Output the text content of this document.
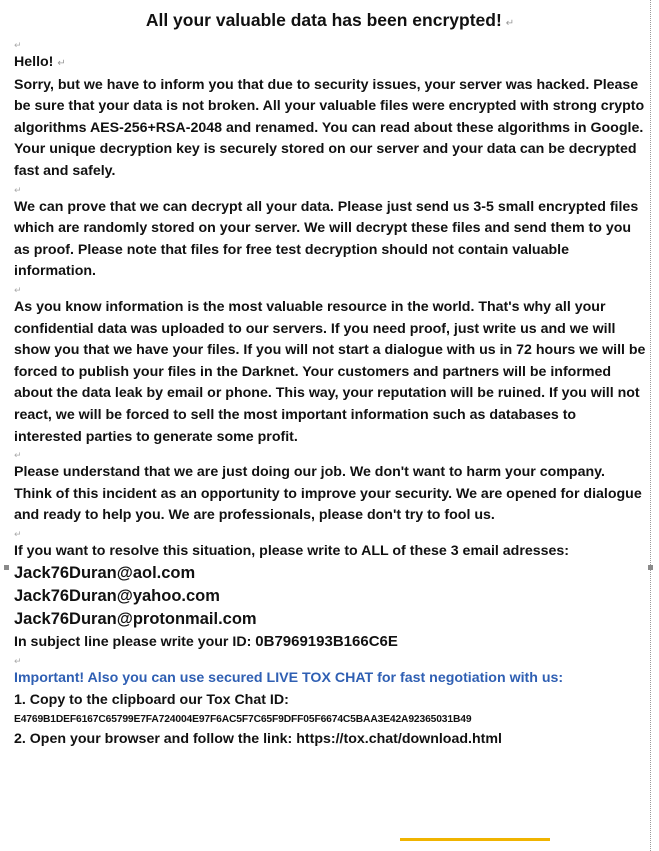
All your valuable data has been encrypted! ↵
↵

Hello! ↵

Sorry, but we have to inform you that due to security issues, your server was hacked. Please be sure that your data is not broken. All your valuable files were encrypted with strong crypto algorithms AES-256+RSA-2048 and renamed. You can read about these algorithms in Google. Your unique decryption key is securely stored on our server and your data can be decrypted fast and safely.

↵

We can prove that we can decrypt all your data. Please just send us 3-5 small encrypted files which are randomly stored on your server. We will decrypt these files and send them to you as proof. Please note that files for free test decryption should not contain valuable information.

↵

As you know information is the most valuable resource in the world. That's why all your confidential data was uploaded to our servers. If you need proof, just write us and we will show you that we have your files. If you will not start a dialogue with us in 72 hours we will be forced to publish your files in the Darknet. Your customers and partners will be informed about the data leak by email or phone. This way, your reputation will be ruined. If you will not react, we will be forced to sell the most important information such as databases to interested parties to generate some profit.

↵

Please understand that we are just doing our job. We don't want to harm your company. Think of this incident as an opportunity to improve your security. We are opened for dialogue and ready to help you. We are professionals, please don't try to fool us.

↵

If you want to resolve this situation, please write to ALL of these 3 email adresses:

Jack76Duran@aol.com
Jack76Duran@yahoo.com
Jack76Duran@protonmail.com

In subject line please write your ID: 0B7969193B166C6E

↵

Important! Also you can use secured LIVE TOX CHAT for fast negotiation with us:

1. Copy to the clipboard our Tox Chat ID:

E4769B1DEF6167C65799E7FA724004E97F6AC5F7C65F9DFF05F6674C5BAA3E42A92365031B49

2. Open your browser and follow the link: https://tox.chat/download.html
